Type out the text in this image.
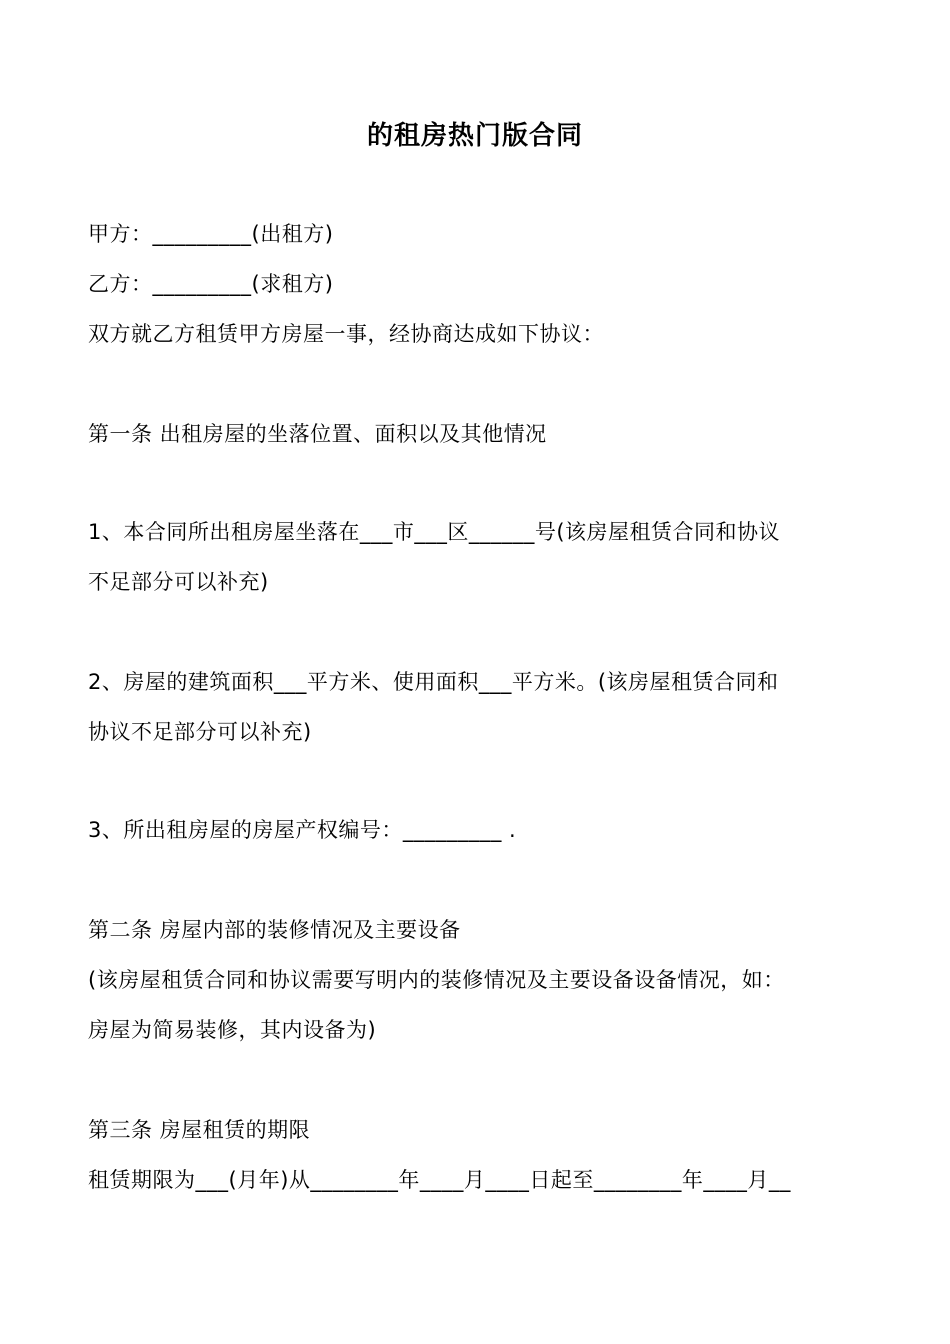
的租房热门版合同
甲方：_________(出租方)
乙方：_________(求租方)
双方就乙方租赁甲方房屋一事，经协商达成如下协议：
第一条 出租房屋的坐落位置、面积以及其他情况
1、本合同所出租房屋坐落在___市___区______号(该房屋租赁合同和协议
不足部分可以补充)
2、房屋的建筑面积___平方米、使用面积___平方米。(该房屋租赁合同和
协议不足部分可以补充)
3、所出租房屋的房屋产权编号：_________ .
第二条 房屋内部的装修情况及主要设备
(该房屋租赁合同和协议需要写明内的装修情况及主要设备设备情况，如：
房屋为简易装修，其内设备为)
第三条 房屋租赁的期限
租赁期限为___(月年)从________年____月____日起至________年____月__
